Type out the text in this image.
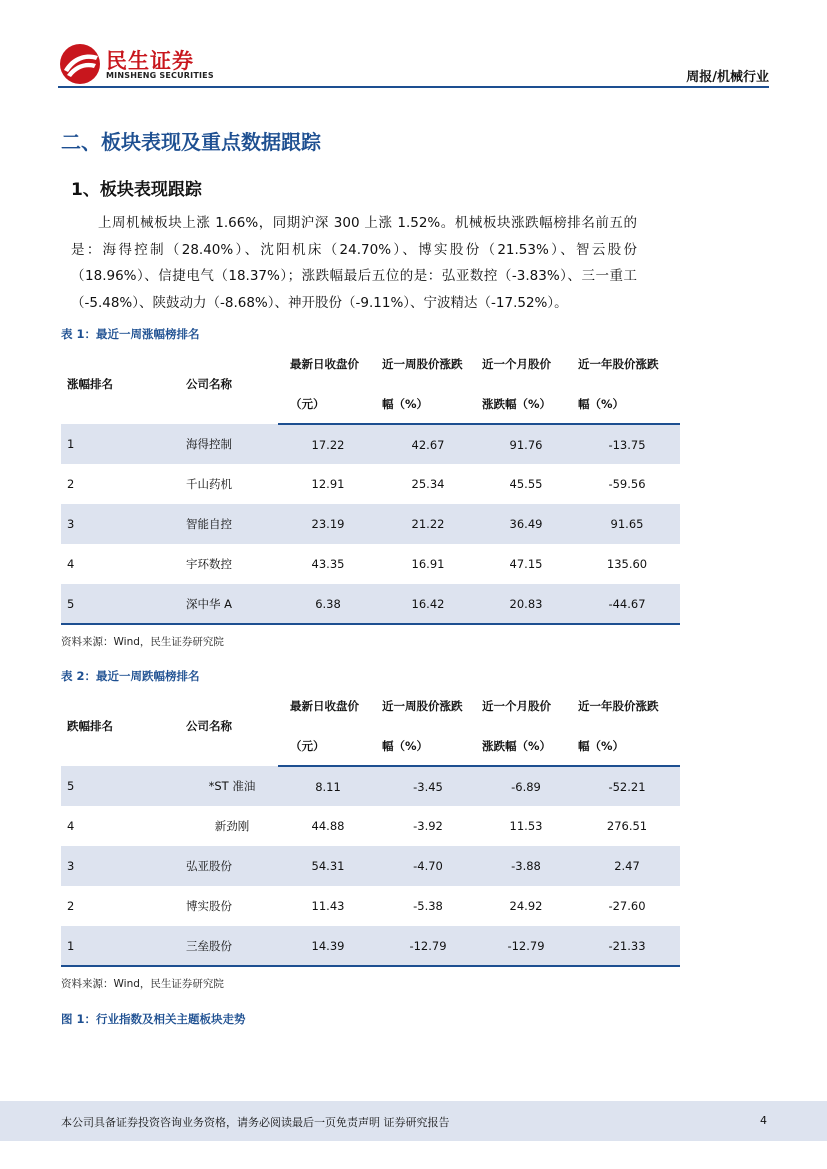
民生证券
MINSHENG SECURITIES	周报/机械行业
二、板块表现及重点数据跟踪
1、板块表现跟踪

上周机械板块上涨 1.66%，同期沪深 300 上涨 1.52%。机械板块涨跌幅榜排名前五的是：海得控制（28.40%）、沈阳机床（24.70%）、博实股份（21.53%）、智云股份（18.96%）、信捷电气（18.37%）；涨跌幅最后五位的是：弘亚数控（-3.83%）、三一重工（-5.48%）、陕鼓动力（-8.68%）、神开股份（-9.11%）、宁波精达（-17.52%）。

表 1：最近一周涨幅榜排名
涨幅排名	公司名称	最新日收盘价	近一周股价涨跌	近一个月股价	近一年股价涨跌
		（元）	幅（%）	涨跌幅（%）	幅（%）
1	海得控制	17.22	42.67	91.76	-13.75
2	千山药机	12.91	25.34	45.55	-59.56
3	智能自控	23.19	21.22	36.49	91.65
4	宇环数控	43.35	16.91	47.15	135.60
5	深中华 A	6.38	16.42	20.83	-44.67
资料来源：Wind，民生证券研究院
表 2：最近一周跌幅榜排名
跌幅排名	公司名称	最新日收盘价	近一周股价涨跌	近一个月股价	近一年股价涨跌
		（元）	幅（%）	涨跌幅（%）	幅（%）
5	*ST 准油	8.11	-3.45	-6.89	-52.21
4	新劲刚	44.88	-3.92	11.53	276.51
3	弘亚股份	54.31	-4.70	-3.88	2.47
2	博实股份	11.43	-5.38	24.92	-27.60
1	三垒股份	14.39	-12.79	-12.79	-21.33
资料来源：Wind，民生证券研究院
图 1：行业指数及相关主题板块走势
本公司具备证券投资咨询业务资格，请务必阅读最后一页免责声明 证券研究报告	4
